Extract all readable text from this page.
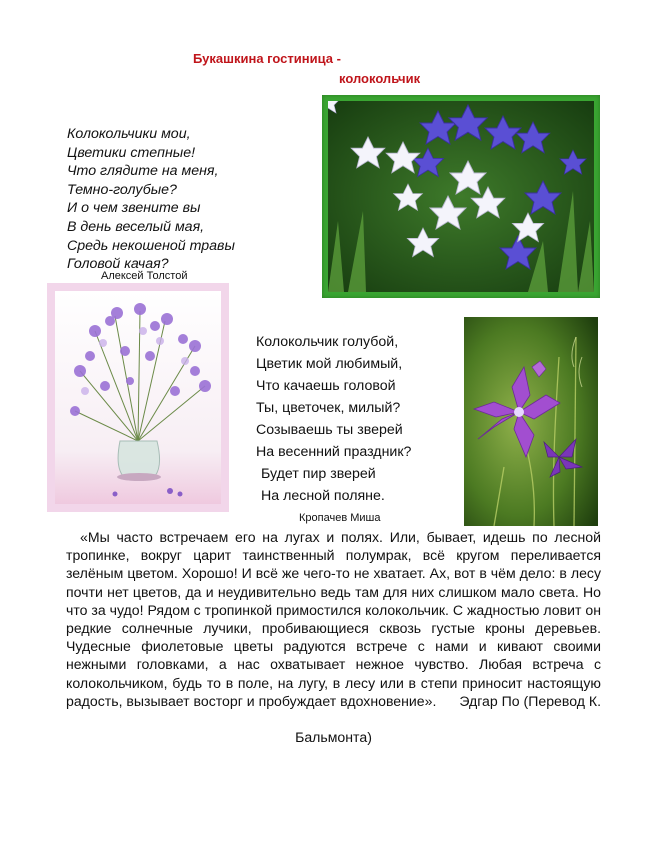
Букашкина гостиница -
колокольчик
Колокольчики мои,
Цветики степные!
Что глядите на меня,
Темно-голубые?
И о чем звените вы
В день веселый мая,
Средь некошеной травы
Головой качая?
Алексей Толстой
Колокольчик голубой,
Цветик мой любимый,
Что качаешь головой
Ты, цветочек, милый?
Созываешь ты зверей
На весенний праздник?
Будет пир зверей
На лесной поляне.
Кропачев Миша
«Мы часто встречаем его на лугах и полях. Или, бывает, идешь по лесной тропинке, вокруг царит таинственный полумрак, всё кругом переливается зелёным цветом. Хорошо! И всё же чего-то не хватает. Ах, вот в чём дело: в лесу почти нет цветов, да и неудивительно ведь там для них слишком мало света. Но что за чудо! Рядом с тропинкой примостился колокольчик. С жадностью ловит он редкие солнечные лучики, пробивающиеся сквозь густые кроны деревьев. Чудесные фиолетовые цветы радуются встрече с нами и кивают своими нежными головками, а нас охватывает нежное чувство. Любая встреча с колокольчиком, будь то в поле, на лугу, в лесу или в степи приносит настоящую радость, вызывает восторг и пробуждает вдохновение».	Эдгар По (Перевод К.
Бальмонта)
